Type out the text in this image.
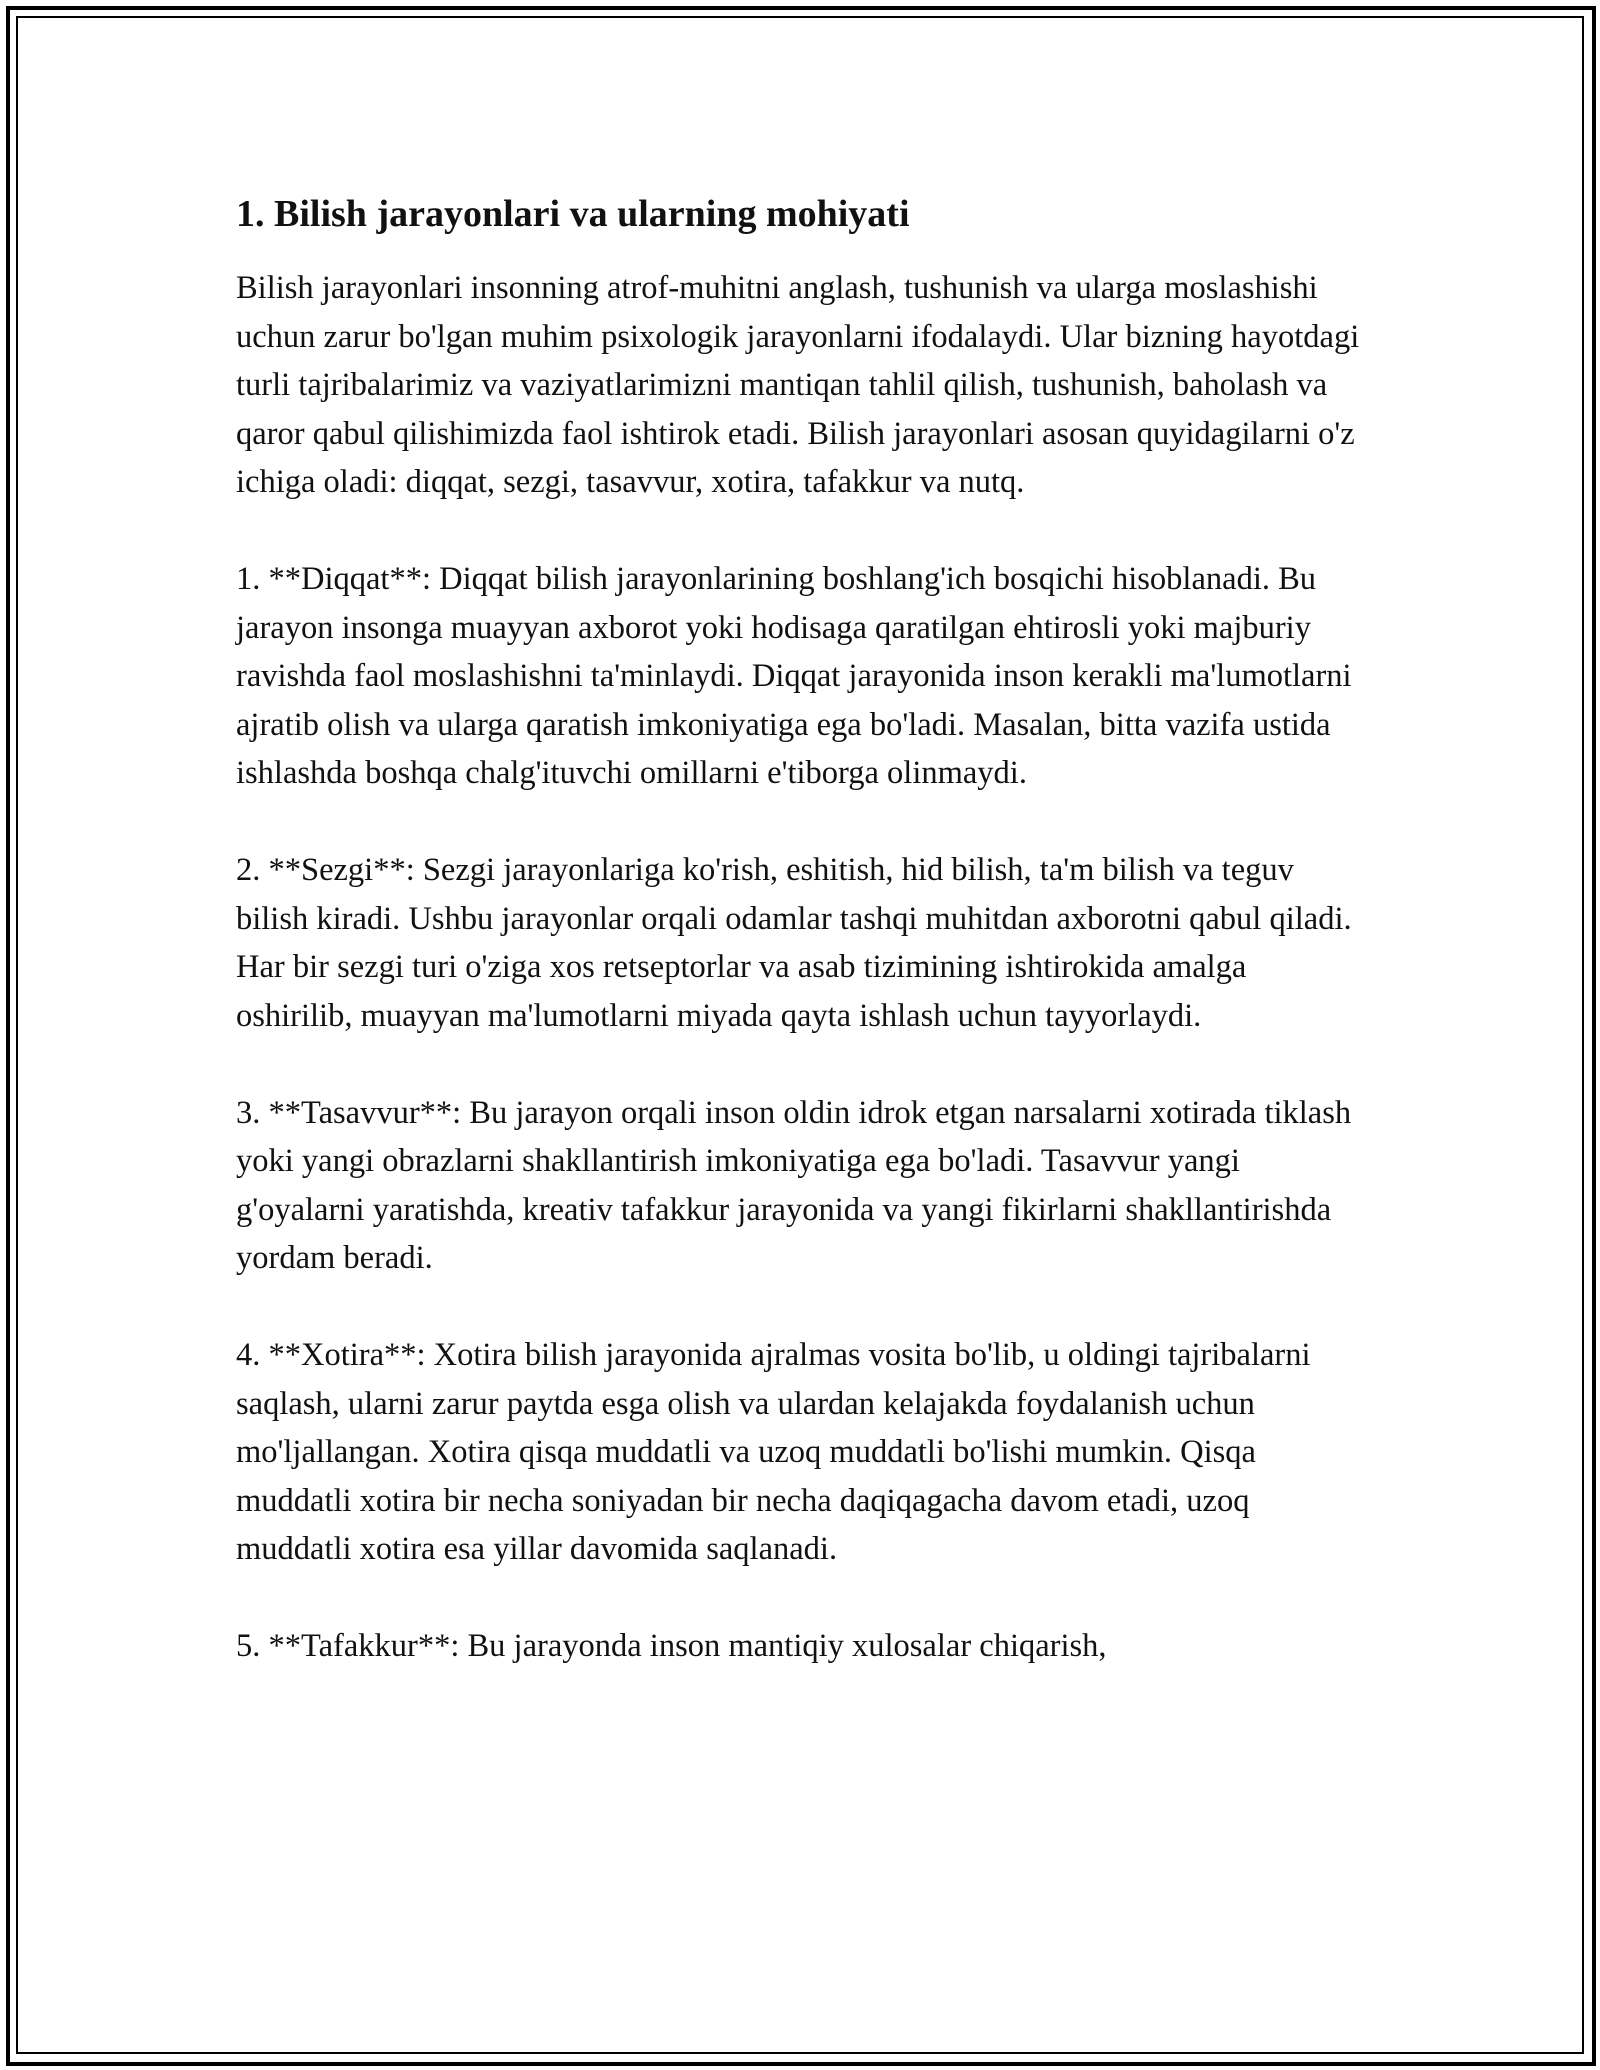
1. Bilish jarayonlari va ularning mohiyati

Bilish jarayonlari insonning atrof-muhitni anglash, tushunish va ularga moslashishi uchun zarur bo'lgan muhim psixologik jarayonlarni ifodalaydi. Ular bizning hayotdagi turli tajribalarimiz va vaziyatlarimizni mantiqan tahlil qilish, tushunish, baholash va qaror qabul qilishimizda faol ishtirok etadi. Bilish jarayonlari asosan quyidagilarni o'z ichiga oladi: diqqat, sezgi, tasavvur, xotira, tafakkur va nutq.

1. **Diqqat**: Diqqat bilish jarayonlarining boshlang'ich bosqichi hisoblanadi. Bu jarayon insonga muayyan axborot yoki hodisaga qaratilgan ehtirosli yoki majburiy ravishda faol moslashishni ta'minlaydi. Diqqat jarayonida inson kerakli ma'lumotlarni ajratib olish va ularga qaratish imkoniyatiga ega bo'ladi. Masalan, bitta vazifa ustida ishlashda boshqa chalg'ituvchi omillarni e'tiborga olinmaydi.

2. **Sezgi**: Sezgi jarayonlariga ko'rish, eshitish, hid bilish, ta'm bilish va teguv bilish kiradi. Ushbu jarayonlar orqali odamlar tashqi muhitdan axborotni qabul qiladi. Har bir sezgi turi o'ziga xos retseptorlar va asab tizimining ishtirokida amalga oshirilib, muayyan ma'lumotlarni miyada qayta ishlash uchun tayyorlaydi.

3. **Tasavvur**: Bu jarayon orqali inson oldin idrok etgan narsalarni xotirada tiklash yoki yangi obrazlarni shakllantirish imkoniyatiga ega bo'ladi. Tasavvur yangi g'oyalarni yaratishda, kreativ tafakkur jarayonida va yangi fikirlarni shakllantirishda yordam beradi.

4. **Xotira**: Xotira bilish jarayonida ajralmas vosita bo'lib, u oldingi tajribalarni saqlash, ularni zarur paytda esga olish va ulardan kelajakda foydalanish uchun mo'ljallangan. Xotira qisqa muddatli va uzoq muddatli bo'lishi mumkin. Qisqa muddatli xotira bir necha soniyadan bir necha daqiqagacha davom etadi, uzoq muddatli xotira esa yillar davomida saqlanadi.

5. **Tafakkur**: Bu jarayonda inson mantiqiy xulosalar chiqarish,
